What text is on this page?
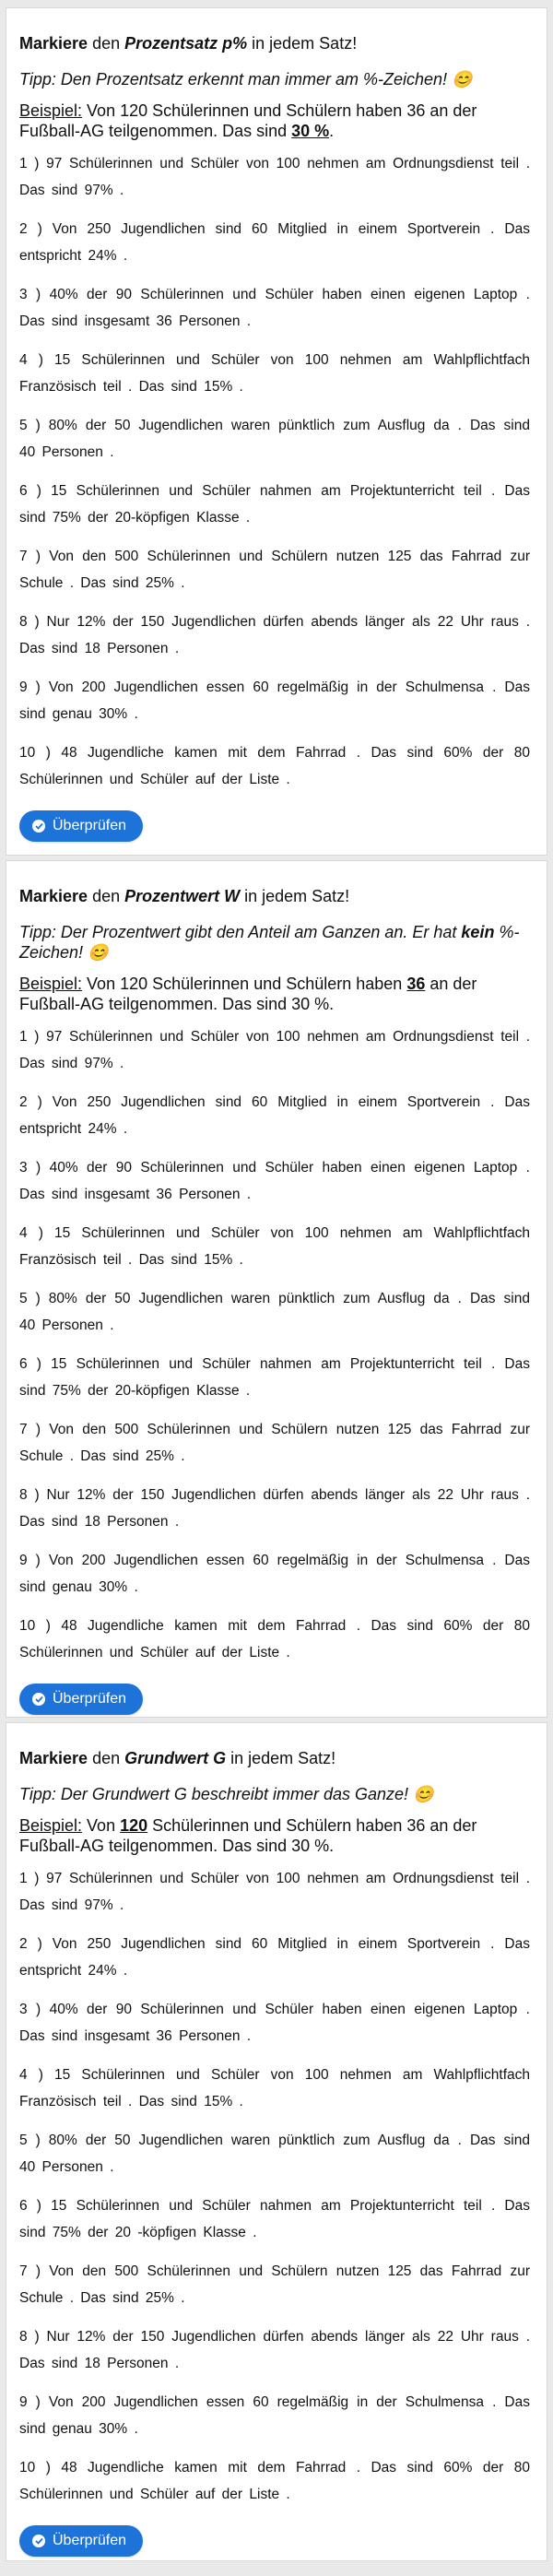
Markiere den Prozentsatz p% in jedem Satz!
Tipp: Den Prozentsatz erkennt man immer am %-Zeichen! 😊
Beispiel: Von 120 Schülerinnen und Schülern haben 36 an der Fußball-AG teilgenommen. Das sind 30 %.

1 ) 97 Schülerinnen und Schüler von 100 nehmen am Ordnungsdienst teil . Das sind 97% .

2 ) Von 250 Jugendlichen sind 60 Mitglied in einem Sportverein . Das entspricht 24% .

3 ) 40% der 90 Schülerinnen und Schüler haben einen eigenen Laptop . Das sind insgesamt 36 Personen .

4 ) 15 Schülerinnen und Schüler von 100 nehmen am Wahlpflichtfach Französisch teil . Das sind 15% .

5 ) 80% der 50 Jugendlichen waren pünktlich zum Ausflug da . Das sind 40 Personen .

6 ) 15 Schülerinnen und Schüler nahmen am Projektunterricht teil . Das sind 75% der 20-köpfigen Klasse .

7 ) Von den 500 Schülerinnen und Schülern nutzen 125 das Fahrrad zur Schule . Das sind 25% .

8 ) Nur 12% der 150 Jugendlichen dürfen abends länger als 22 Uhr raus . Das sind 18 Personen .

9 ) Von 200 Jugendlichen essen 60 regelmäßig in der Schulmensa . Das sind genau 30% .

10 ) 48 Jugendliche kamen mit dem Fahrrad . Das sind 60% der 80 Schülerinnen und Schüler auf der Liste .

Überprüfen
Markiere den Prozentwert W in jedem Satz!
Tipp: Der Prozentwert gibt den Anteil am Ganzen an. Er hat kein %-Zeichen! 😊
Beispiel: Von 120 Schülerinnen und Schülern haben 36 an der Fußball-AG teilgenommen. Das sind 30 %.

1 ) 97 Schülerinnen und Schüler von 100 nehmen am Ordnungsdienst teil . Das sind 97% .

2 ) Von 250 Jugendlichen sind 60 Mitglied in einem Sportverein . Das entspricht 24% .

3 ) 40% der 90 Schülerinnen und Schüler haben einen eigenen Laptop . Das sind insgesamt 36 Personen .

4 ) 15 Schülerinnen und Schüler von 100 nehmen am Wahlpflichtfach Französisch teil . Das sind 15% .

5 ) 80% der 50 Jugendlichen waren pünktlich zum Ausflug da . Das sind 40 Personen .

6 ) 15 Schülerinnen und Schüler nahmen am Projektunterricht teil . Das sind 75% der 20-köpfigen Klasse .

7 ) Von den 500 Schülerinnen und Schülern nutzen 125 das Fahrrad zur Schule . Das sind 25% .

8 ) Nur 12% der 150 Jugendlichen dürfen abends länger als 22 Uhr raus . Das sind 18 Personen .

9 ) Von 200 Jugendlichen essen 60 regelmäßig in der Schulmensa . Das sind genau 30% .

10 ) 48 Jugendliche kamen mit dem Fahrrad . Das sind 60% der 80 Schülerinnen und Schüler auf der Liste .

Überprüfen
Markiere den Grundwert G in jedem Satz!
Tipp: Der Grundwert G beschreibt immer das Ganze! 😊
Beispiel: Von 120 Schülerinnen und Schülern haben 36 an der Fußball-AG teilgenommen. Das sind 30 %.

1 ) 97 Schülerinnen und Schüler von 100 nehmen am Ordnungsdienst teil . Das sind 97% .

2 ) Von 250 Jugendlichen sind 60 Mitglied in einem Sportverein . Das entspricht 24% .

3 ) 40% der 90 Schülerinnen und Schüler haben einen eigenen Laptop . Das sind insgesamt 36 Personen .

4 ) 15 Schülerinnen und Schüler von 100 nehmen am Wahlpflichtfach Französisch teil . Das sind 15% .

5 ) 80% der 50 Jugendlichen waren pünktlich zum Ausflug da . Das sind 40 Personen .

6 ) 15 Schülerinnen und Schüler nahmen am Projektunterricht teil . Das sind 75% der 20 -köpfigen Klasse .

7 ) Von den 500 Schülerinnen und Schülern nutzen 125 das Fahrrad zur Schule . Das sind 25% .

8 ) Nur 12% der 150 Jugendlichen dürfen abends länger als 22 Uhr raus . Das sind 18 Personen .

9 ) Von 200 Jugendlichen essen 60 regelmäßig in der Schulmensa . Das sind genau 30% .

10 ) 48 Jugendliche kamen mit dem Fahrrad . Das sind 60% der 80 Schülerinnen und Schüler auf der Liste .

Überprüfen
